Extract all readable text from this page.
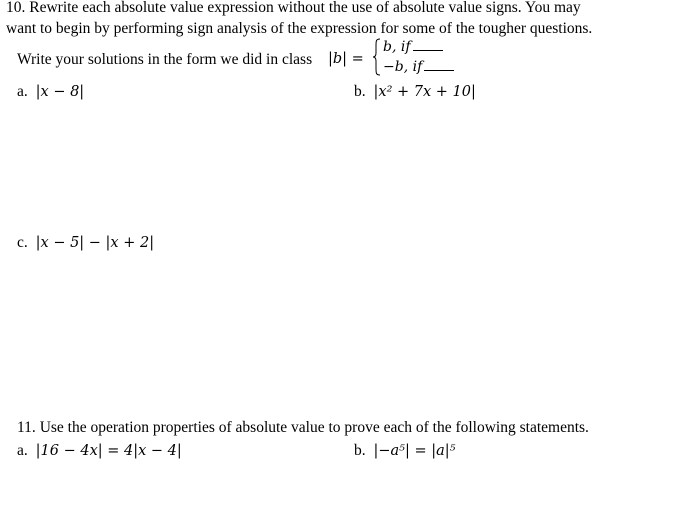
10. Rewrite each absolute value expression without the use of absolute value signs. You may
want to begin by performing sign analysis of the expression for some of the tougher questions.
Write your solutions in the form we did in class |b| =
b, if
−b, if
a. |x − 8|	b. |x² + 7x + 10|
c. |x − 5| − |x + 2|
11. Use the operation properties of absolute value to prove each of the following statements.
a. |16 − 4x| = 4|x − 4|	b. |−a⁵| = |a|⁵
